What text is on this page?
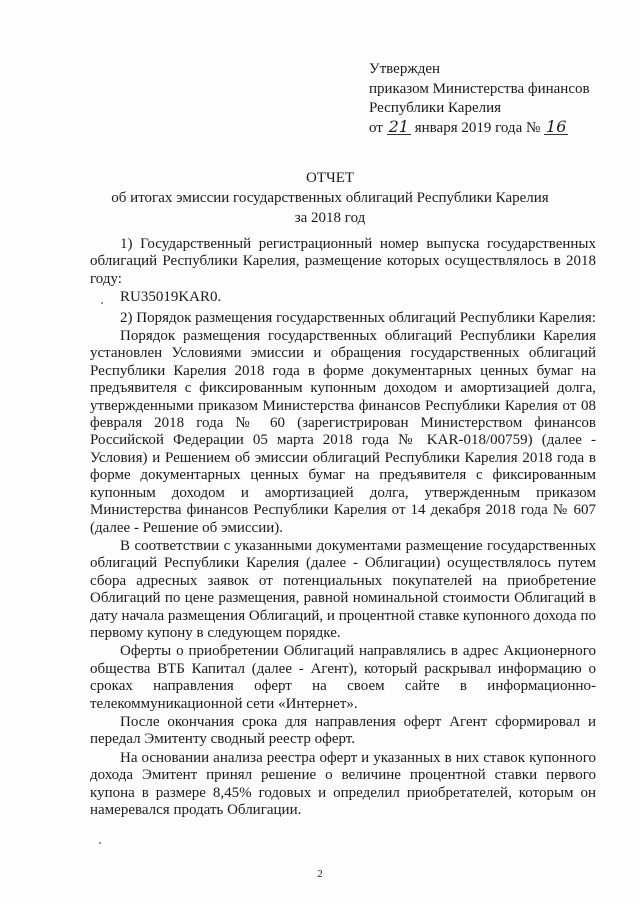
Утвержден
приказом Министерства финансов
Республики Карелия
от 21 января 2019 года № 16
ОТЧЕТ
об итогах эмиссии государственных облигаций Республики Карелия
за 2018 год

1) Государственный регистрационный номер выпуска государственных облигаций Республики Карелия, размещение которых осуществлялось в 2018 году:

RU35019KAR0.

2) Порядок размещения государственных облигаций Республики Карелия:

Порядок размещения государственных облигаций Республики Карелия установлен Условиями эмиссии и обращения государственных облигаций Республики Карелия 2018 года в форме документарных ценных бумаг на предъявителя с фиксированным купонным доходом и амортизацией долга, утвержденными приказом Министерства финансов Республики Карелия от 08 февраля 2018 года № 60 (зарегистрирован Министерством финансов Российской Федерации 05 марта 2018 года № KAR-018/00759) (далее - Условия) и Решением об эмиссии облигаций Республики Карелия 2018 года в форме документарных ценных бумаг на предъявителя с фиксированным купонным доходом и амортизацией долга, утвержденным приказом Министерства финансов Республики Карелия от 14 декабря 2018 года № 607 (далее - Решение об эмиссии).

В соответствии с указанными документами размещение государственных облигаций Республики Карелия (далее - Облигации) осуществлялось путем сбора адресных заявок от потенциальных покупателей на приобретение Облигаций по цене размещения, равной номинальной стоимости Облигаций в дату начала размещения Облигаций, и процентной ставке купонного дохода по первому купону в следующем порядке.

Оферты о приобретении Облигаций направлялись в адрес Акционерного общества ВТБ Капитал (далее - Агент), который раскрывал информацию о сроках направления оферт на своем сайте в информационно-телекоммуникационной сети «Интернет».

После окончания срока для направления оферт Агент сформировал и передал Эмитенту сводный реестр оферт.

На основании анализа реестра оферт и указанных в них ставок купонного дохода Эмитент принял решение о величине процентной ставки первого купона в размере 8,45% годовых и определил приобретателей, которым он намеревался продать Облигации.

2
